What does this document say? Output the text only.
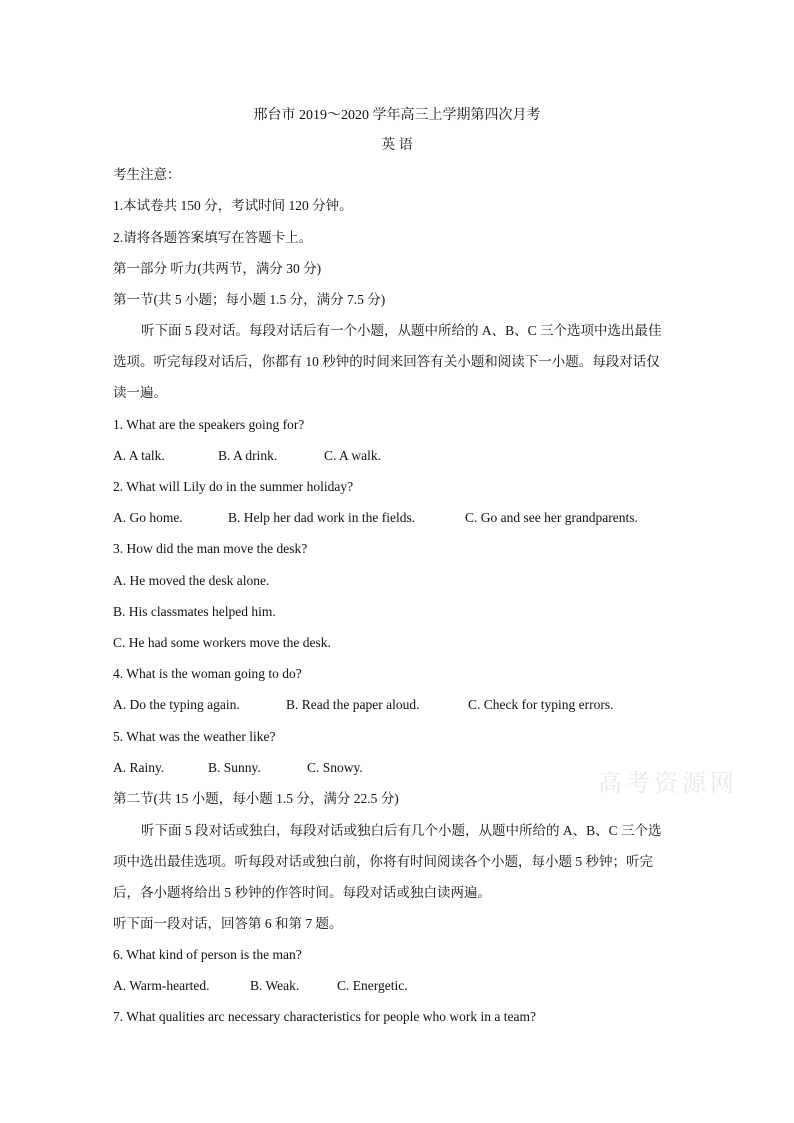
邢台市 2019～2020 学年高三上学期第四次月考
英 语
考生注意：
1.本试卷共 150 分，考试时间 120 分钟。
2.请将各题答案填写在答题卡上。
第一部分 听力(共两节，满分 30 分)
第一节(共 5 小题；每小题 1.5 分，满分 7.5 分)
听下面 5 段对话。每段对话后有一个小题，从题中所给的 A、B、C 三个选项中选出最佳
选项。听完每段对话后，你都有 10 秒钟的时间来回答有关小题和阅读下一小题。每段对话仅
读一遍。
1. What are the speakers going for?
A. A talk.	B. A drink.	C. A walk.
2. What will Lily do in the summer holiday?
A. Go home.	B. Help her dad work in the fields.	C. Go and see her grandparents.
3. How did the man move the desk?
A. He moved the desk alone.
B. His classmates helped him.
C. He had some workers move the desk.
4. What is the woman going to do?
A. Do the typing again.	B. Read the paper aloud.	C. Check for typing errors.
5. What was the weather like?
A. Rainy.	B. Sunny.	C. Snowy.
第二节(共 15 小题，每小题 1.5 分，满分 22.5 分)
听下面 5 段对话或独白，每段对话或独白后有几个小题，从题中所给的 A、B、C 三个选
项中选出最佳选项。听每段对话或独白前，你将有时间阅读各个小题，每小题 5 秒钟；听完
后，各小题将给出 5 秒钟的作答时间。每段对话或独白读两遍。
听下面一段对话，回答第 6 和第 7 题。
6. What kind of person is the man?
A. Warm-hearted.	B. Weak.	C. Energetic.
7. What qualities arc necessary characteristics for people who work in a team?
高考资源网
